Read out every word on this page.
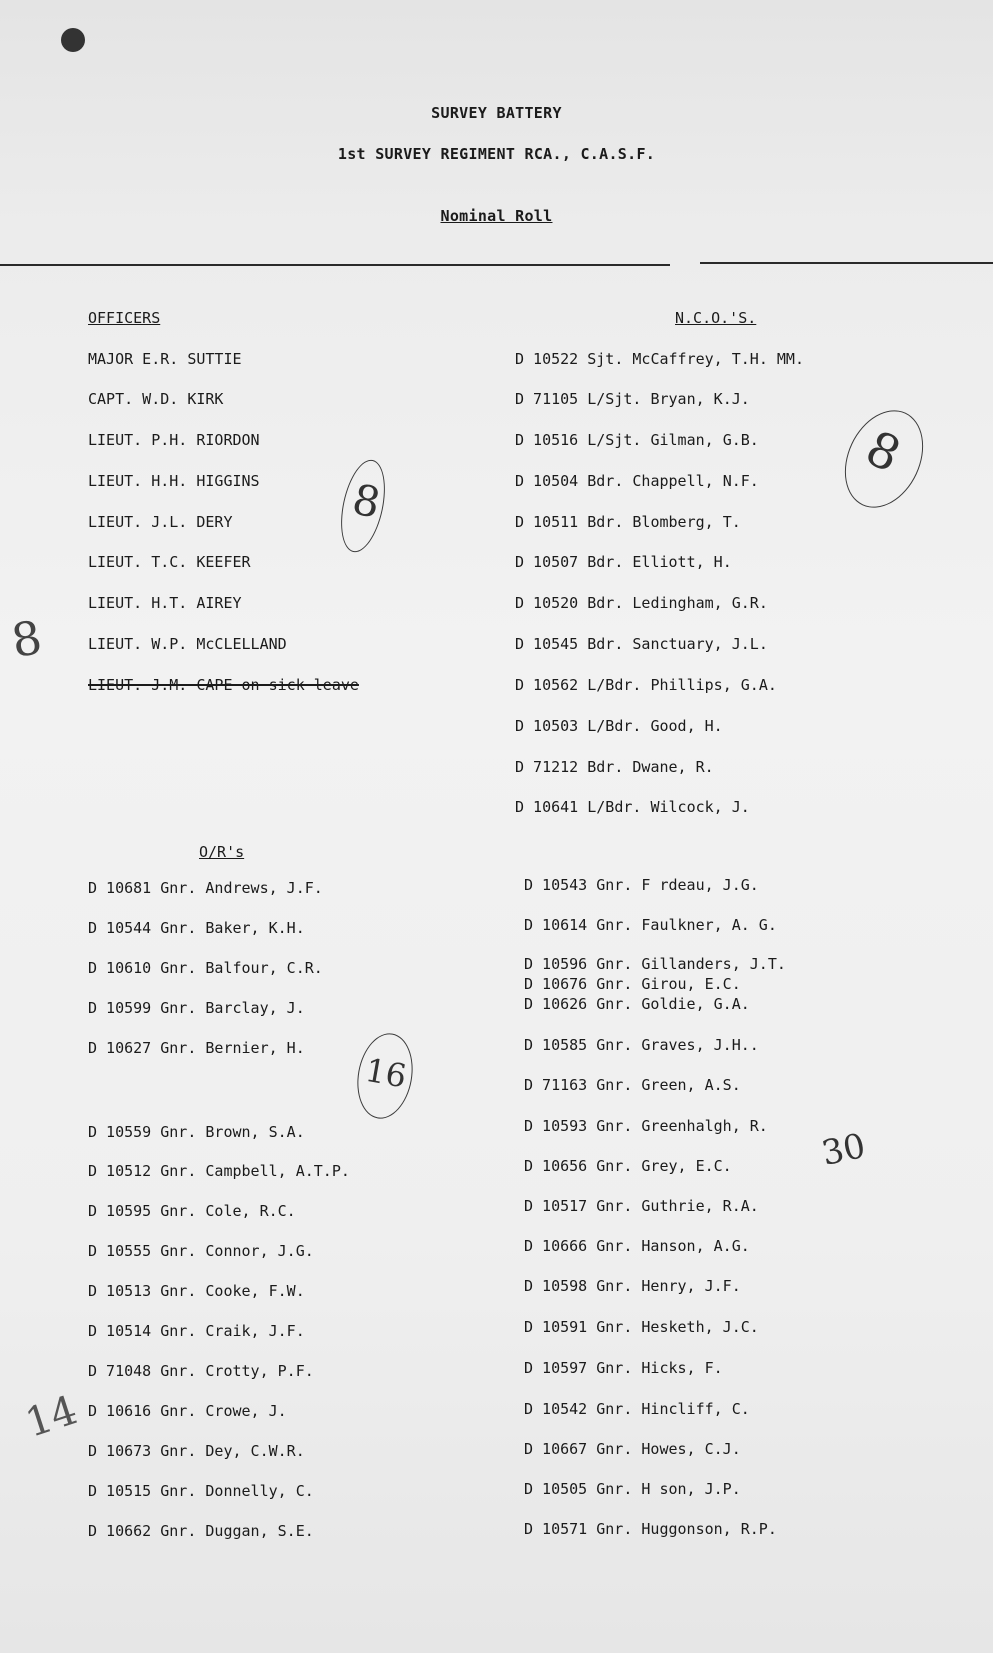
SURVEY BATTERY
1st SURVEY REGIMENT RCA., C.A.S.F.
Nominal Roll
OFFICERS
MAJOR E.R. SUTTIE
CAPT. W.D. KIRK
LIEUT. P.H. RIORDON
LIEUT. H.H. HIGGINS
LIEUT. J.L. DERY
LIEUT. T.C. KEEFER
LIEUT. H.T. AIREY
LIEUT. W.P. McCLELLAND
LIEUT. J.M. CAPE on sick leave
N.C.O.'S.
D 10522 Sjt. McCaffrey, T.H. MM.
D 71105 L/Sjt. Bryan, K.J.
D 10516 L/Sjt. Gilman, G.B.
D 10504 Bdr. Chappell, N.F.
D 10511 Bdr. Blomberg, T.
D 10507 Bdr. Elliott, H.
D 10520 Bdr. Ledingham, G.R.
D 10545 Bdr. Sanctuary, J.L.
D 10562 L/Bdr. Phillips, G.A.
D 10503 L/Bdr. Good, H.
D 71212 Bdr. Dwane, R.
D 10641 L/Bdr. Wilcock, J.
O/R's
D 10681 Gnr. Andrews, J.F.
D 10544 Gnr. Baker, K.H.
D 10610 Gnr. Balfour, C.R.
D 10599 Gnr. Barclay, J.
D 10627 Gnr. Bernier, H.
D 10559 Gnr. Brown, S.A.
D 10512 Gnr. Campbell, A.T.P.
D 10595 Gnr. Cole, R.C.
D 10555 Gnr. Connor, J.G.
D 10513 Gnr. Cooke, F.W.
D 10514 Gnr. Craik, J.F.
D 71048 Gnr. Crotty, P.F.
D 10616 Gnr. Crowe, J.
D 10673 Gnr. Dey, C.W.R.
D 10515 Gnr. Donnelly, C.
D 10662 Gnr. Duggan, S.E.
D 10543 Gnr. F rdeau, J.G.
D 10614 Gnr. Faulkner, A. G.
D 10596 Gnr. Gillanders, J.T.
D 10676 Gnr. Girou, E.C.
D 10626 Gnr. Goldie, G.A.
D 10585 Gnr. Graves, J.H..
D 71163 Gnr. Green, A.S.
D 10593 Gnr. Greenhalgh, R.
D 10656 Gnr. Grey, E.C.
D 10517 Gnr. Guthrie, R.A.
D 10666 Gnr. Hanson, A.G.
D 10598 Gnr. Henry, J.F.
D 10591 Gnr. Hesketh, J.C.
D 10597 Gnr. Hicks, F.
D 10542 Gnr. Hincliff, C.
D 10667 Gnr. Howes, C.J.
D 10505 Gnr. H son, J.P.
D 10571 Gnr. Huggonson, R.P.
8
8
8
16
30
14
